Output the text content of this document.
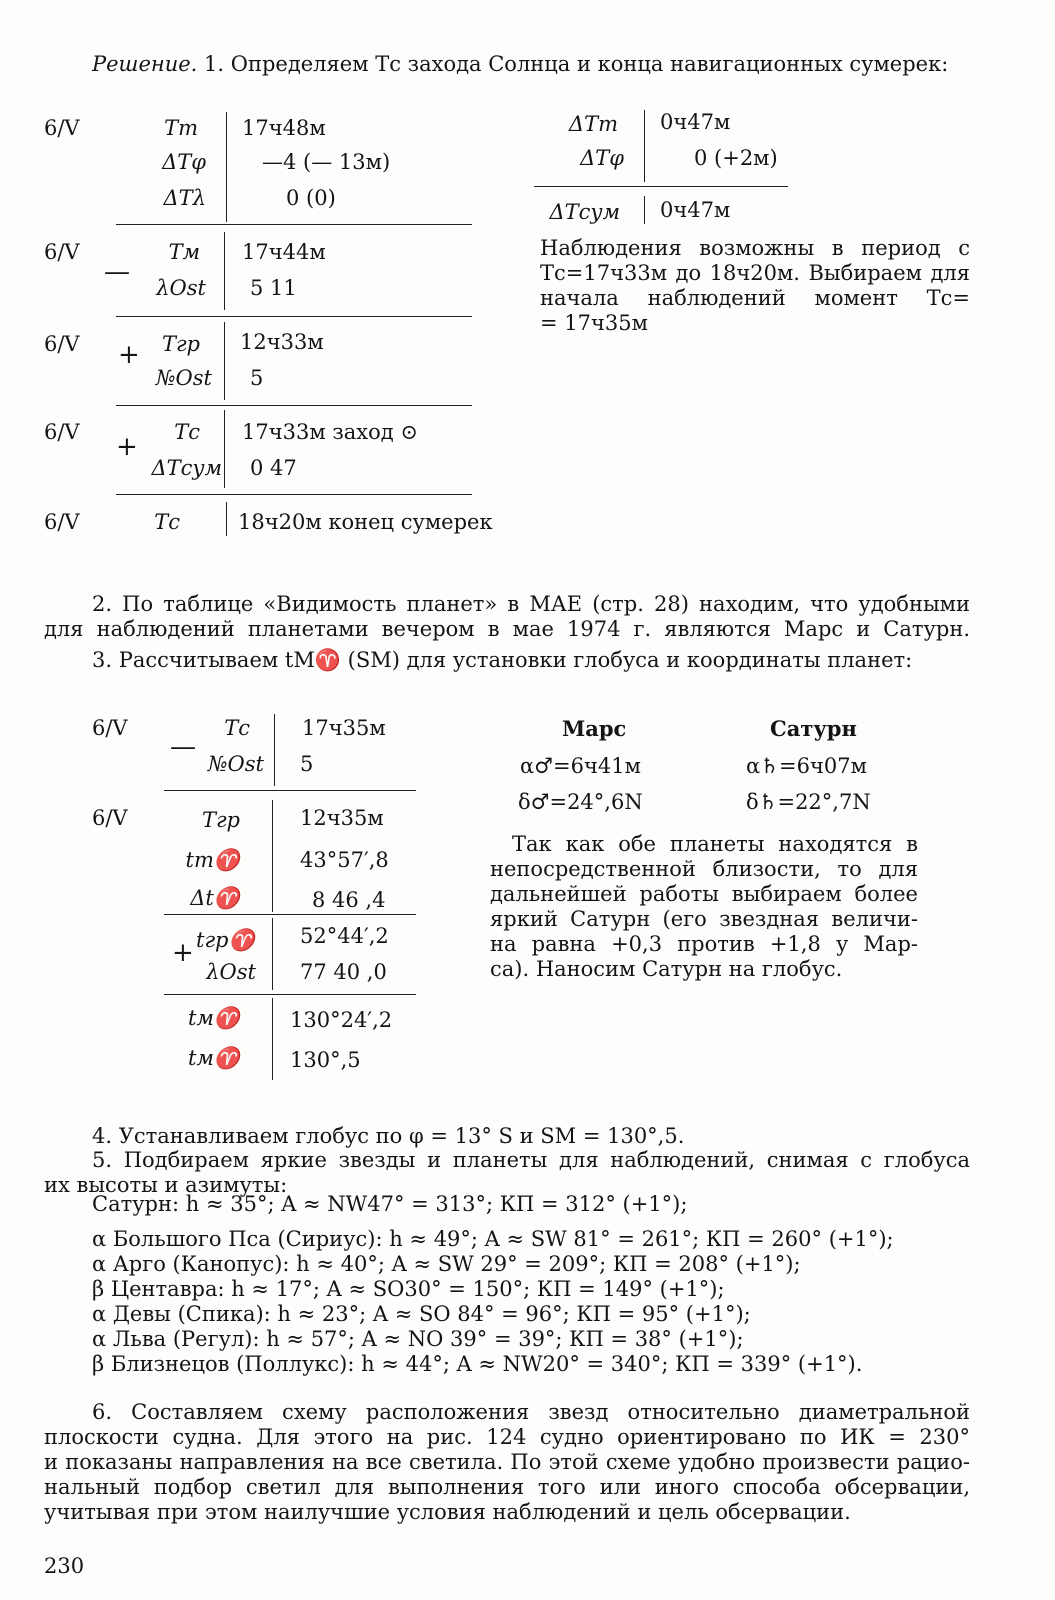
Решение. 1. Определяем Tс захода Солнца и конца навигационных сумерек:
—
+
+
6/V	Tт 17ч48м
ΔTφ	—4 (— 13м)
ΔTλ	0 (0)
6/V	Tм 17ч44м
λOst 5 11
6/V	Tгр 12ч33м
№Ost 5
6/V	Tс 17ч33м заход ⊙
ΔTсум 0 47
6/V	Tс	18ч20м конец сумерек
ΔTт 0ч47м
ΔTφ	0 (+2м)
ΔTсум 0ч47м
Наблюдения возможны в период с
Tс=17ч33м до 18ч20м. Выбираем для
начала наблюдений момент Tс=
= 17ч35м
2. По таблице «Видимость планет» в МАЕ (стр. 28) находим, что удобными
для наблюдений планетами вечером в мае 1974 г. являются Марс и Сатурн.
3. Рассчитываем tМ♈ (SМ) для установки глобуса и координаты планет:
—
+
6/V	Tс 17ч35м
№Ost 5
6/V	Tгр	12ч35м
tт♈	43°57′,8
Δt♈	8 46 ,4
tгр♈ 52°44′,2
λOst 77 40 ,0
tм♈ 130°24′,2
tм♈ 130°,5
Марс	Сатурн
α♂=6ч41м	α♄=6ч07м
δ♂=24°,6N	δ♄=22°,7N
Так как обе планеты находятся в
непосредственной близости, то для
дальнейшей работы выбираем более
яркий Сатурн (его звездная величи-
на равна +0,3 против +1,8 у Мар-
са). Наносим Сатурн на глобус.
4. Устанавливаем глобус по φ = 13° S и SМ = 130°,5.
5. Подбираем яркие звезды и планеты для наблюдений, снимая с глобуса
их высоты и азимуты:
Сатурн: h ≈ 35°; A ≈ NW47° = 313°; КП = 312° (+1°);
α Большого Пса (Сириус): h ≈ 49°; A ≈ SW 81° = 261°; КП = 260° (+1°);
α Арго (Канопус): h ≈ 40°; A ≈ SW 29° = 209°; КП = 208° (+1°);
β Центавра: h ≈ 17°; A ≈ SO30° = 150°; КП = 149° (+1°);
α Девы (Спика): h ≈ 23°; A ≈ SO 84° = 96°; КП = 95° (+1°);
α Льва (Регул): h ≈ 57°; A ≈ NO 39° = 39°; КП = 38° (+1°);
β Близнецов (Поллукс): h ≈ 44°; A ≈ NW20° = 340°; КП = 339° (+1°).
6. Составляем схему расположения звезд относительно диаметральной
плоскости судна. Для этого на рис. 124 судно ориентировано по ИК = 230°
и показаны направления на все светила. По этой схеме удобно произвести рацио-
нальный подбор светил для выполнения того или иного способа обсервации,
учитывая при этом наилучшие условия наблюдений и цель обсервации.
230
